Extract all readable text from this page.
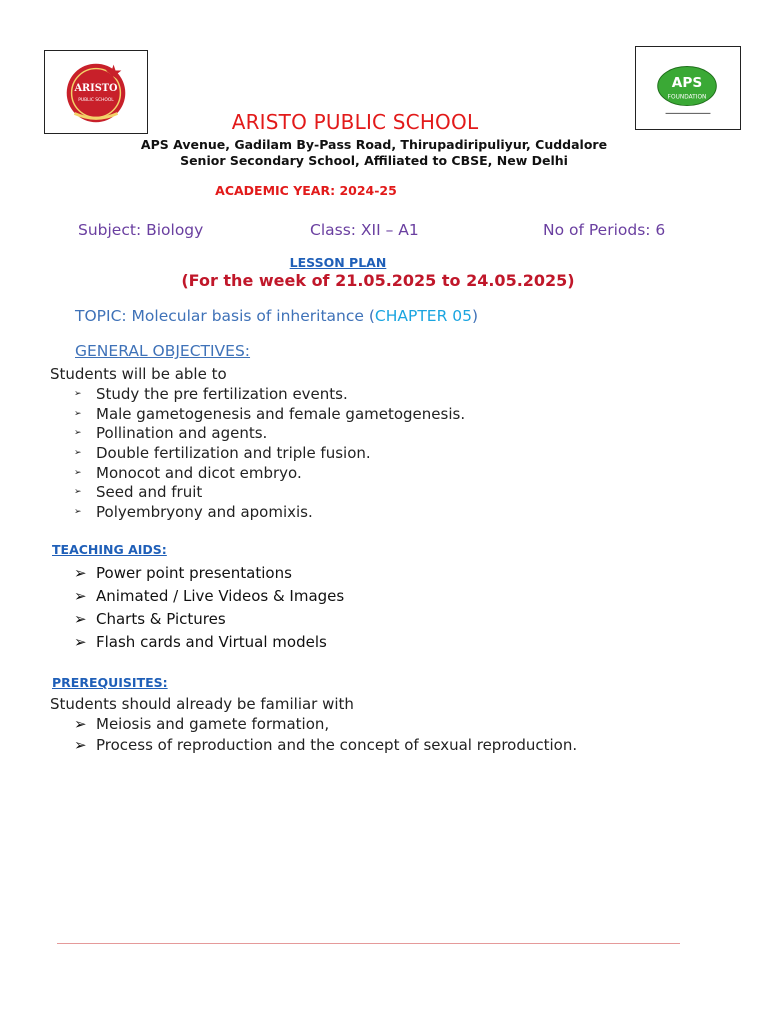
ARISTO
PUBLIC SCHOOL
APS
FOUNDATION
ARISTO PUBLIC SCHOOL
APS Avenue, Gadilam By-Pass Road, Thirupadiripuliyur, Cuddalore
Senior Secondary School, Affiliated to CBSE, New Delhi
ACADEMIC YEAR: 2024-25
Subject: Biology	Class: XII – A1	No of Periods: 6
LESSON PLAN
(For the week of 21.05.2025 to 24.05.2025)
TOPIC: Molecular basis of inheritance (CHAPTER 05)
GENERAL OBJECTIVES:
Students will be able to
➢ Study the pre fertilization events.
➢ Male gametogenesis and female gametogenesis.
➢ Pollination and agents.
➢ Double fertilization and triple fusion.
➢ Monocot and dicot embryo.
➢ Seed and fruit
➢ Polyembryony and apomixis.
TEACHING AIDS:
➢ Power point presentations
➢ Animated / Live Videos & Images
➢ Charts & Pictures
➢ Flash cards and Virtual models
PREREQUISITES:
Students should already be familiar with
➢ Meiosis and gamete formation,
➢ Process of reproduction and the concept of sexual reproduction.
